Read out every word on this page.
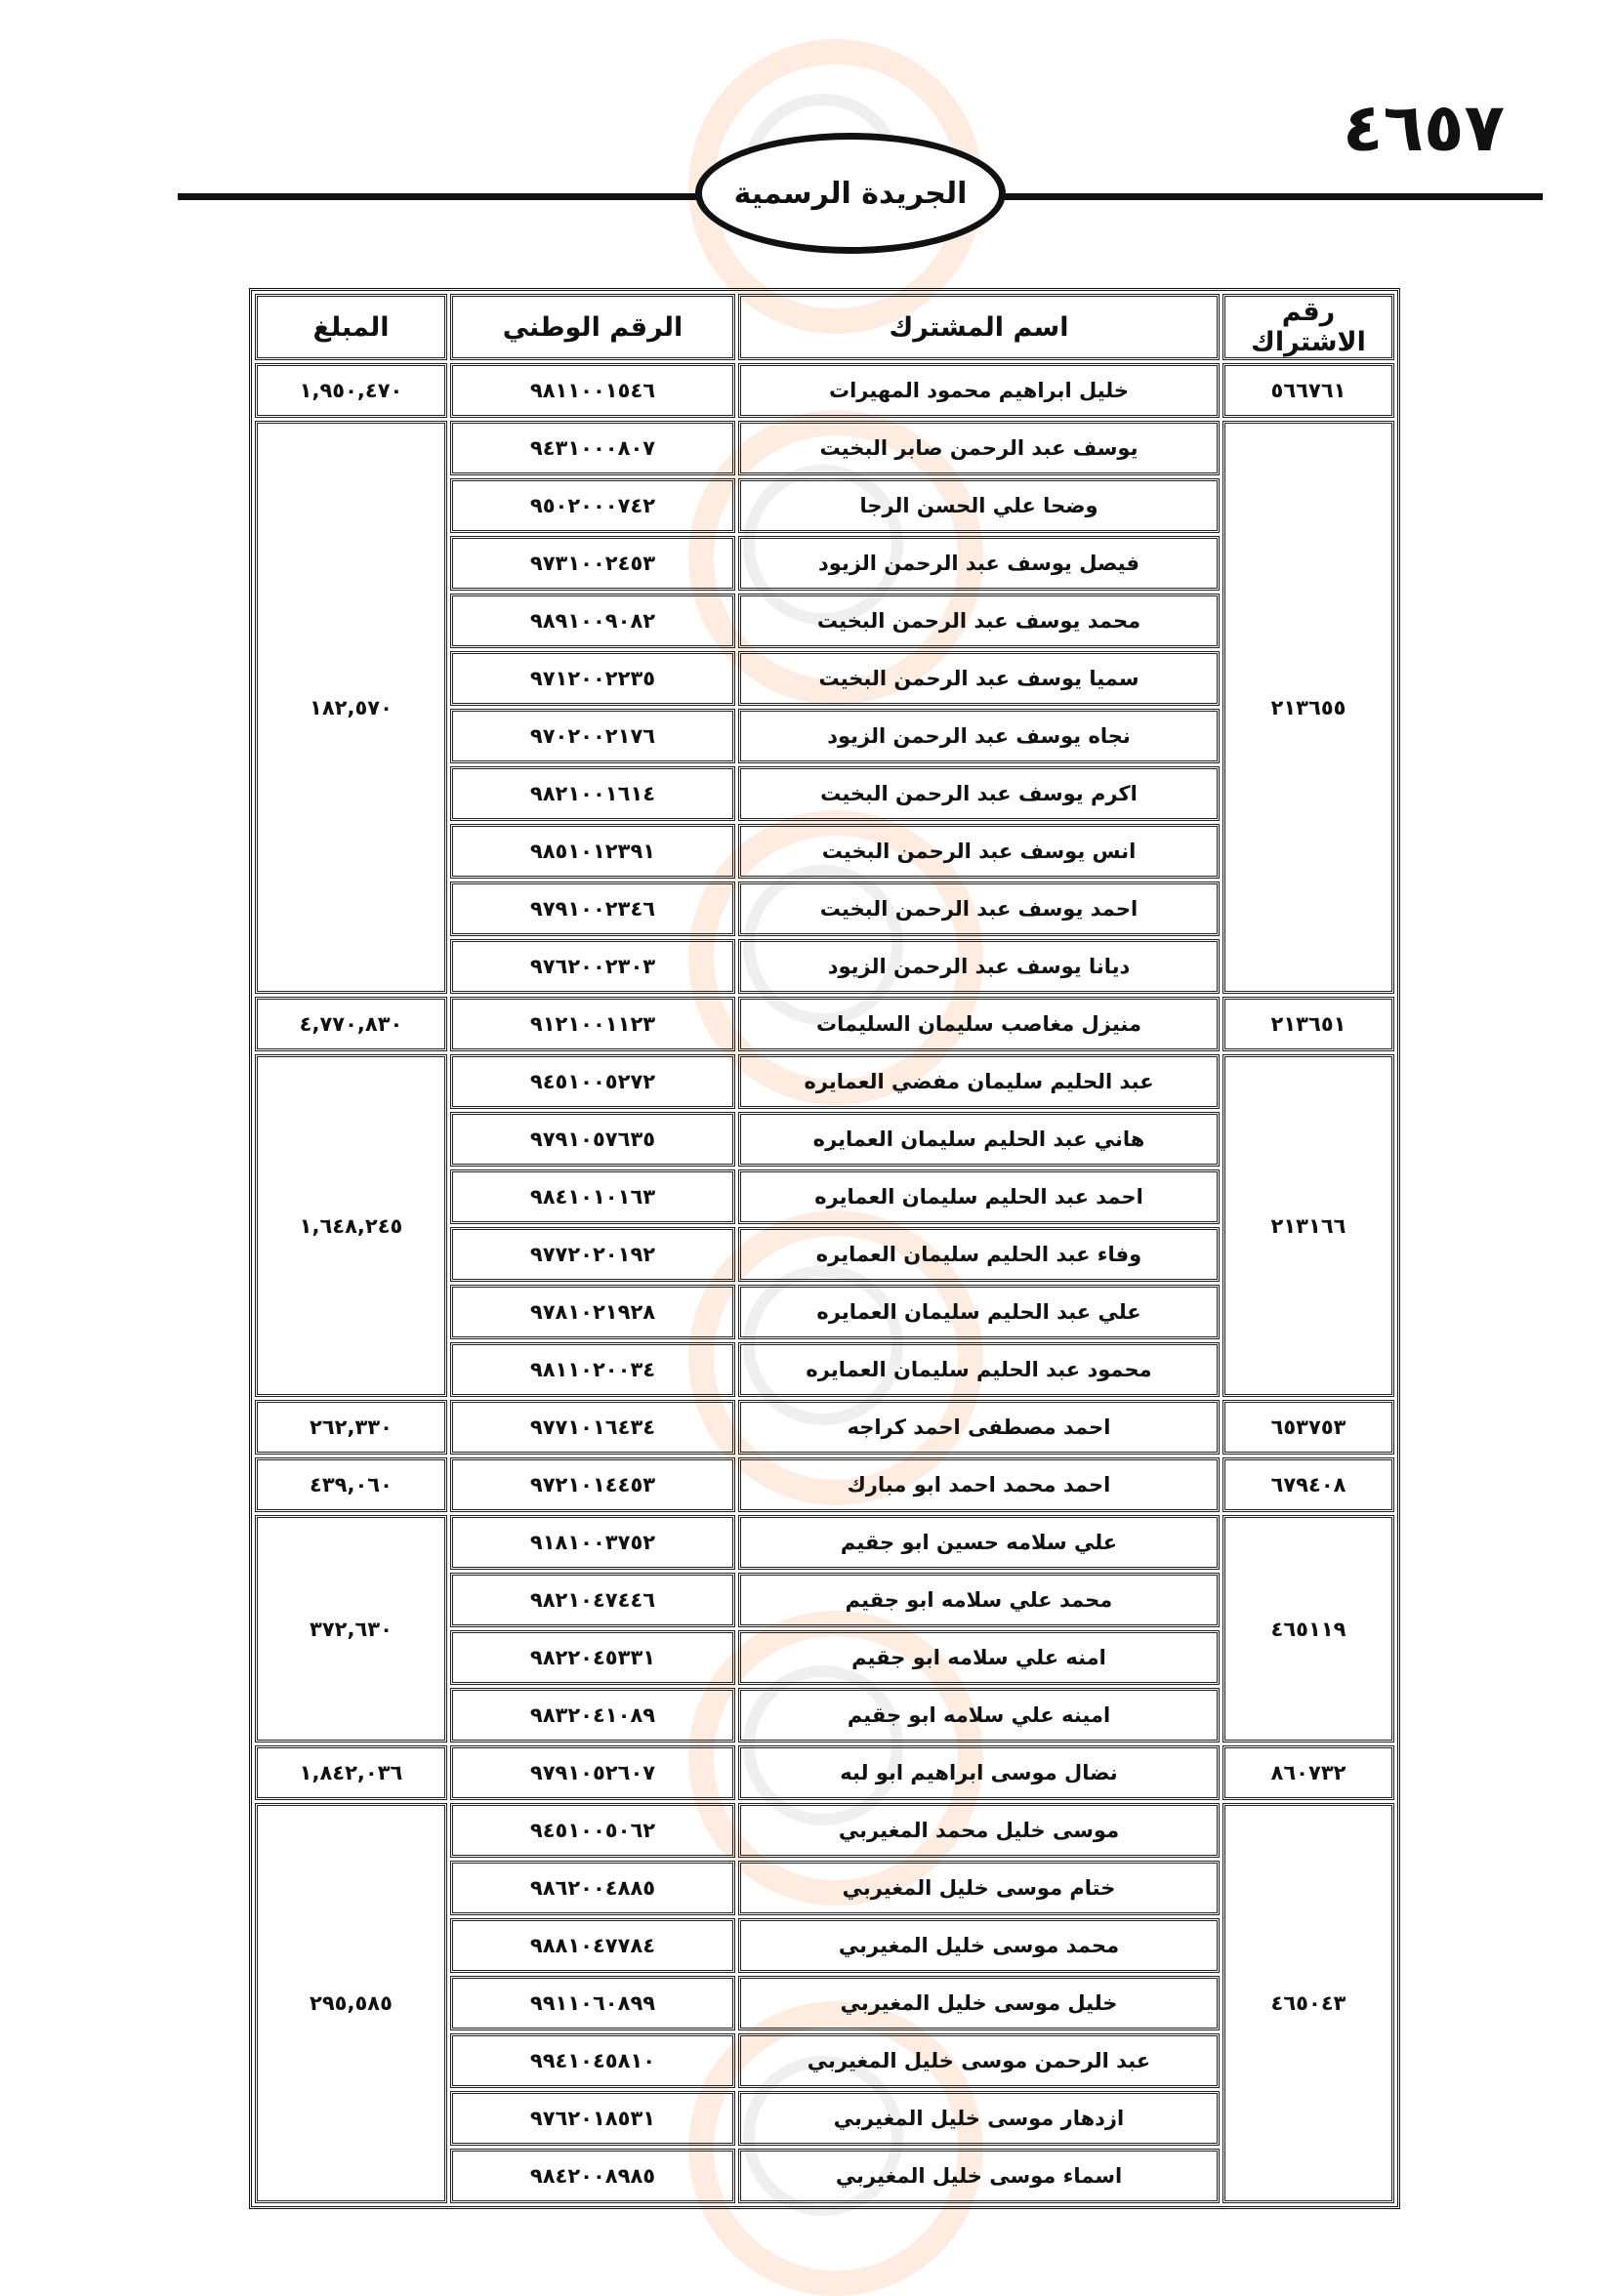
٤٦٥٧
الجريدة الرسمية
رقم الاشتراك	اسم المشترك	الرقم الوطني	المبلغ
٥٦٦٧٦١	خليل ابراهيم محمود المهيرات	٩٨١١٠٠١٥٤٦	١,٩٥٠,٤٧٠
٢١٣٦٥٥	يوسف عبد الرحمن صابر البخيت	٩٤٣١٠٠٠٨٠٧	١٨٢,٥٧٠
	وضحا علي الحسن الرجا	٩٥٠٢٠٠٠٧٤٢	
	فيصل يوسف عبد الرحمن الزيود	٩٧٣١٠٠٢٤٥٣	
	محمد يوسف عبد الرحمن البخيت	٩٨٩١٠٠٩٠٨٢	
	سميا يوسف عبد الرحمن البخيت	٩٧١٢٠٠٢٢٣٥	
	نجاه يوسف عبد الرحمن الزيود	٩٧٠٢٠٠٢١٧٦	
	اكرم يوسف عبد الرحمن البخيت	٩٨٢١٠٠١٦١٤	
	انس يوسف عبد الرحمن البخيت	٩٨٥١٠١٢٣٩١	
	احمد يوسف عبد الرحمن البخيت	٩٧٩١٠٠٢٣٤٦	
	ديانا يوسف عبد الرحمن الزيود	٩٧٦٢٠٠٢٣٠٣	
٢١٣٦٥١	منيزل مغاصب سليمان السليمات	٩١٢١٠٠١١٢٣	٤,٧٧٠,٨٣٠
٢١٣١٦٦	عبد الحليم سليمان مفضي العمايره	٩٤٥١٠٠٥٢٧٢	١,٦٤٨,٢٤٥
	هاني عبد الحليم سليمان العمايره	٩٧٩١٠٥٧٦٣٥	
	احمد عبد الحليم سليمان العمايره	٩٨٤١٠١٠١٦٣	
	وفاء عبد الحليم سليمان العمايره	٩٧٧٢٠٢٠١٩٢	
	علي عبد الحليم سليمان العمايره	٩٧٨١٠٢١٩٢٨	
	محمود عبد الحليم سليمان العمايره	٩٨١١٠٢٠٠٣٤	
٦٥٣٧٥٣	احمد مصطفى احمد كراجه	٩٧٧١٠١٦٤٣٤	٢٦٢,٣٣٠
٦٧٩٤٠٨	احمد محمد احمد ابو مبارك	٩٧٢١٠١٤٤٥٣	٤٣٩,٠٦٠
٤٦٥١١٩	علي سلامه حسين ابو جقيم	٩١٨١٠٠٣٧٥٢	٣٧٢,٦٣٠
	محمد علي سلامه ابو جقيم	٩٨٢١٠٤٧٤٤٦	
	امنه علي سلامه ابو جقيم	٩٨٢٢٠٤٥٣٣١	
	امينه علي سلامه ابو جقيم	٩٨٣٢٠٤١٠٨٩	
٨٦٠٧٣٢	نضال موسى ابراهيم ابو لبه	٩٧٩١٠٥٢٦٠٧	١,٨٤٢,٠٣٦
٤٦٥٠٤٣	موسى خليل محمد المغيربي	٩٤٥١٠٠٥٠٦٢	٢٩٥,٥٨٥
	ختام موسى خليل المغيربي	٩٨٦٢٠٠٤٨٨٥	
	محمد موسى خليل المغيربي	٩٨٨١٠٤٧٧٨٤	
	خليل موسى خليل المغيربي	٩٩١١٠٦٠٨٩٩	
	عبد الرحمن موسى خليل المغيربي	٩٩٤١٠٤٥٨١٠	
	ازدهار موسى خليل المغيربي	٩٧٦٢٠١٨٥٣١	
	اسماء موسى خليل المغيربي	٩٨٤٢٠٠٨٩٨٥	
